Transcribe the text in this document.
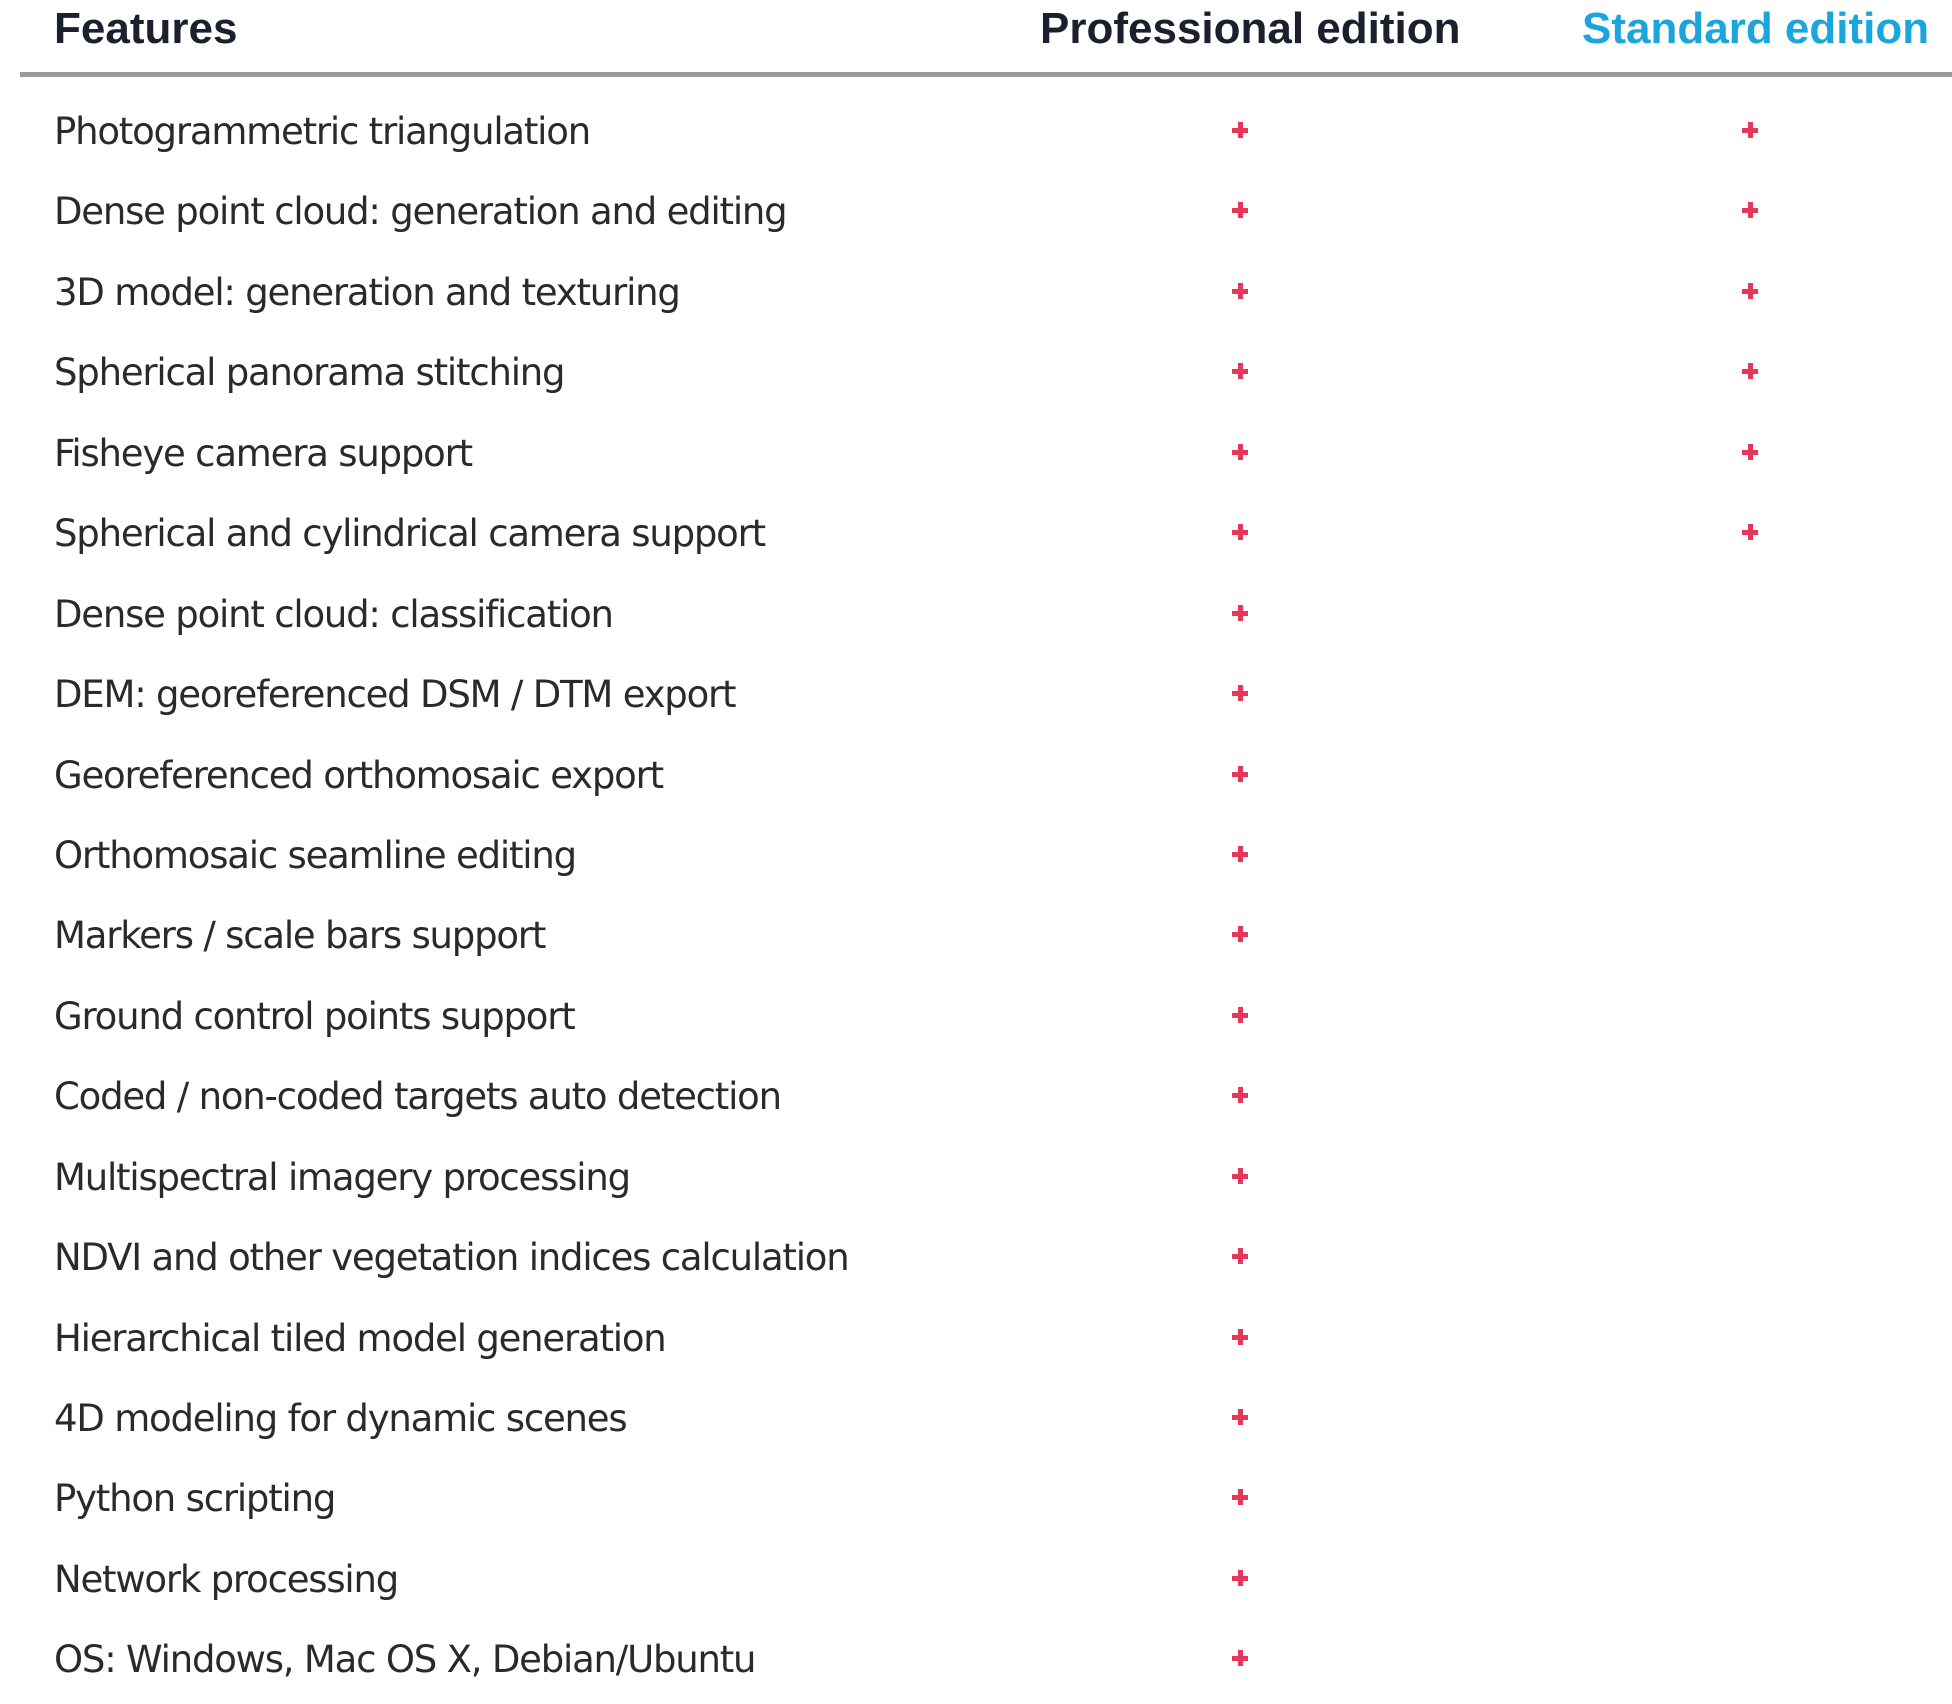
Features	Professional edition	Standard edition
Photogrammetric triangulation
Dense point cloud: generation and editing
3D model: generation and texturing
Spherical panorama stitching
Fisheye camera support
Spherical and cylindrical camera support
Dense point cloud: classification
DEM: georeferenced DSM / DTM export
Georeferenced orthomosaic export
Orthomosaic seamline editing
Markers / scale bars support
Ground control points support
Coded / non-coded targets auto detection
Multispectral imagery processing
NDVI and other vegetation indices calculation
Hierarchical tiled model generation
4D modeling for dynamic scenes
Python scripting
Network processing
OS: Windows, Mac OS X, Debian/Ubuntu
